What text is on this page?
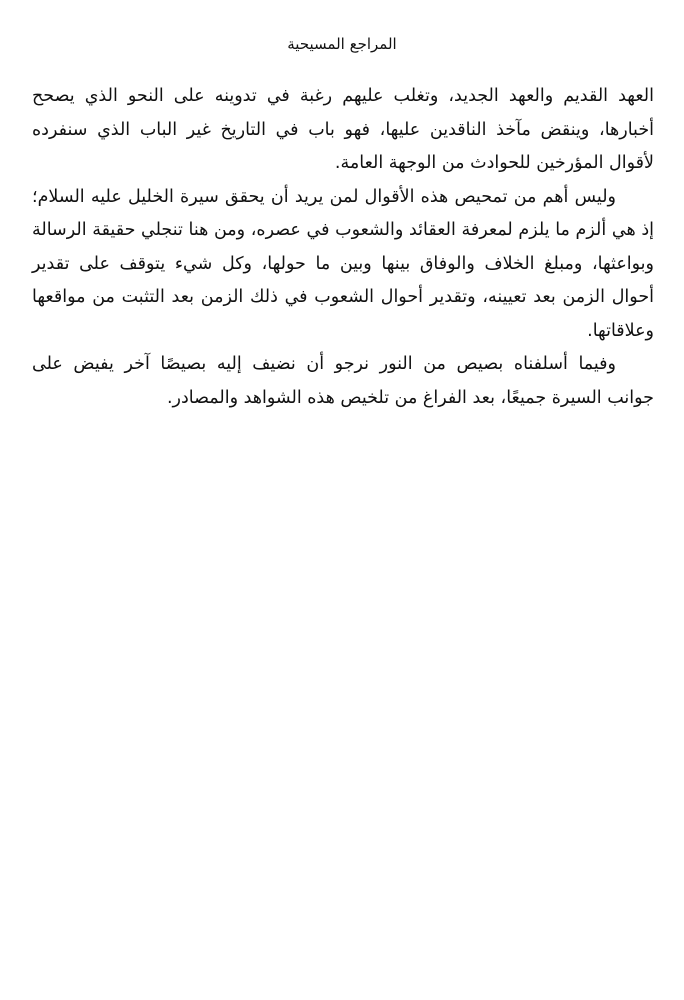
المراجع المسيحية

العهد القديم والعهد الجديد، وتغلب عليهم رغبة في تدوينه على النحو الذي يصحح
أخبارها، وينقض مآخذ الناقدين عليها، فهو باب في التاريخ غير الباب الذي سنفرده
لأقوال المؤرخين للحوادث من الوجهة العامة.

وليس أهم من تمحيص هذه الأقوال لمن يريد أن يحقق سيرة الخليل عليه السلام؛
إذ هي ألزم ما يلزم لمعرفة العقائد والشعوب في عصره، ومن هنا تنجلي حقيقة الرسالة
وبواعثها، ومبلغ الخلاف والوفاق بينها وبين ما حولها، وكل شيء يتوقف على تقدير
أحوال الزمن بعد تعيينه، وتقدير أحوال الشعوب في ذلك الزمن بعد التثبت من مواقعها
وعلاقاتها.

وفيما أسلفناه بصيص من النور نرجو أن نضيف إليه بصيصًا آخر يفيض على
جوانب السيرة جميعًا، بعد الفراغ من تلخيص هذه الشواهد والمصادر.
